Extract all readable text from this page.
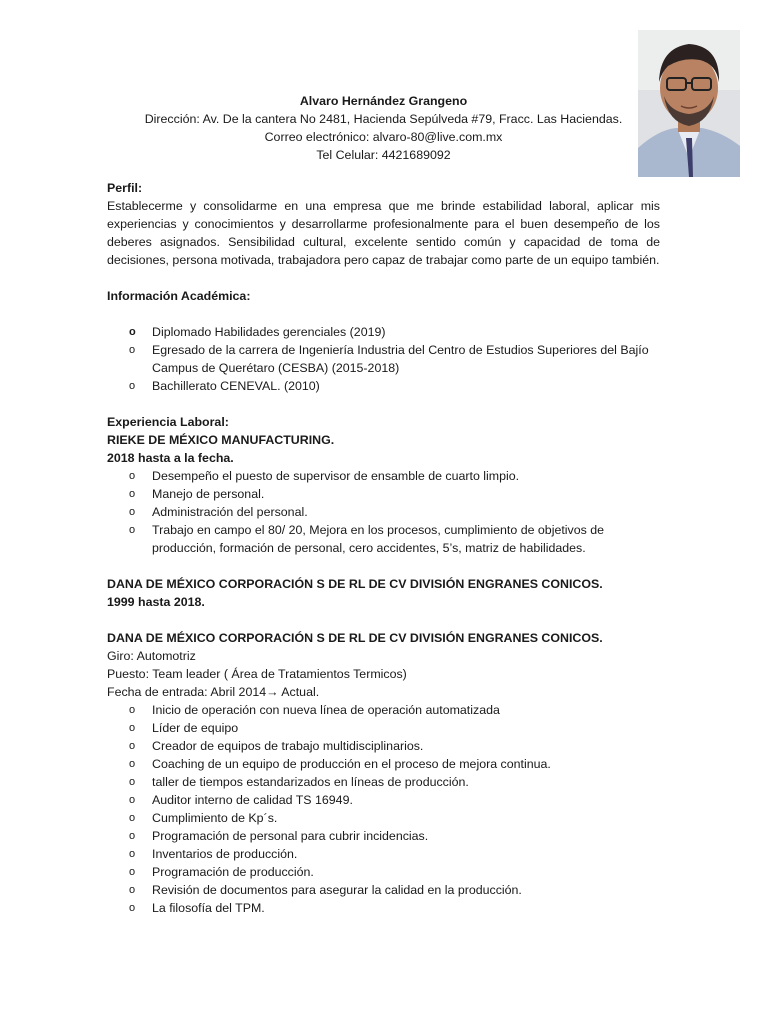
Alvaro Hernández Grangeno
Dirección: Av. De la cantera No 2481, Hacienda Sepúlveda #79, Fracc. Las Haciendas.
Correo electrónico: alvaro-80@live.com.mx
Tel Celular: 4421689092
Perfil:
Establecerme y consolidarme en una empresa que me brinde estabilidad laboral, aplicar mis experiencias y conocimientos y desarrollarme profesionalmente para el buen desempeño de los deberes asignados. Sensibilidad cultural, excelente sentido común y capacidad de toma de decisiones, persona motivada, trabajadora pero capaz de trabajar como parte de un equipo también.
Información Académica:
o Diplomado Habilidades gerenciales (2019)
o Egresado de la carrera de Ingeniería Industria del Centro de Estudios Superiores del Bajío Campus de Querétaro (CESBA) (2015-2018)
o Bachillerato CENEVAL. (2010)
Experiencia Laboral:
RIEKE DE MÉXICO MANUFACTURING.
2018 hasta a la fecha.
o Desempeño el puesto de supervisor de ensamble de cuarto limpio.
o Manejo de personal.
o Administración del personal.
o Trabajo en campo el 80/ 20, Mejora en los procesos, cumplimiento de objetivos de producción, formación de personal, cero accidentes, 5’s, matriz de habilidades.
DANA DE MÉXICO CORPORACIÓN S DE RL DE CV DIVISIÓN ENGRANES CONICOS.
1999 hasta 2018.
DANA DE MÉXICO CORPORACIÓN S DE RL DE CV DIVISIÓN ENGRANES CONICOS.
Giro: Automotriz
Puesto: Team leader ( Área de Tratamientos Termicos)
Fecha de entrada: Abril 2014→ Actual.
o Inicio de operación con nueva línea de operación automatizada
o Líder de equipo
o Creador de equipos de trabajo multidisciplinarios.
o Coaching de un equipo de producción en el proceso de mejora continua.
o taller de tiempos estandarizados en líneas de producción.
o Auditor interno de calidad TS 16949.
o Cumplimiento de Kp´s.
o Programación de personal para cubrir incidencias.
o Inventarios de producción.
o Programación de producción.
o Revisión de documentos para asegurar la calidad en la producción.
o La filosofía del TPM.
